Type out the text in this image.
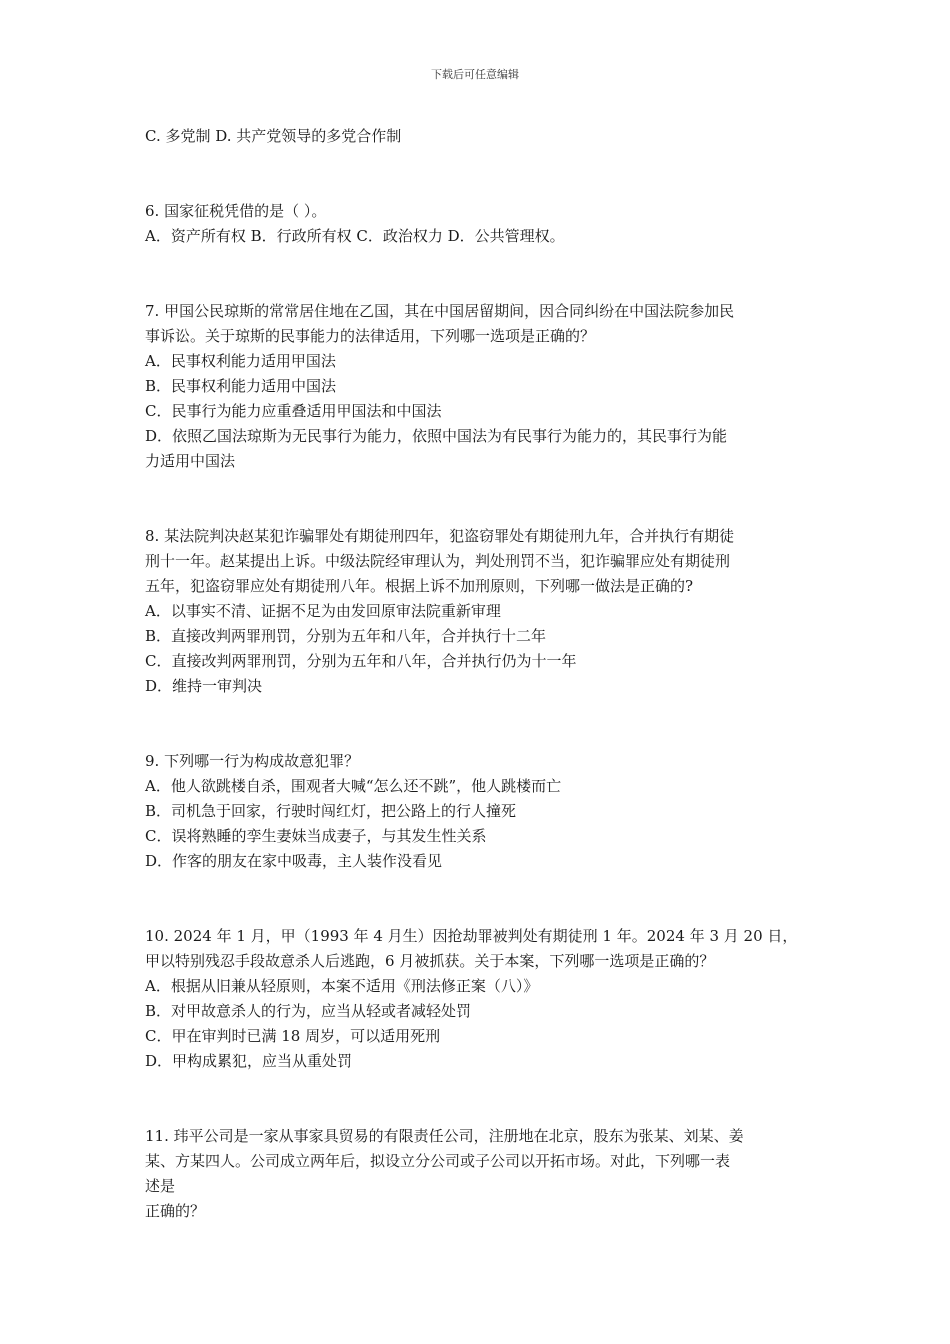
下载后可任意编辑
C. 多党制 D. 共产党领导的多党合作制
6. 国家征税凭借的是（ ）。
A．资产所有权 B．行政所有权 C．政治权力 D．公共管理权。
7. 甲国公民琼斯的常常居住地在乙国，其在中国居留期间，因合同纠纷在中国法院参加民
事诉讼。关于琼斯的民事能力的法律适用，下列哪一选项是正确的？
A．民事权利能力适用甲国法
B．民事权利能力适用中国法
C．民事行为能力应重叠适用甲国法和中国法
D．依照乙国法琼斯为无民事行为能力，依照中国法为有民事行为能力的，其民事行为能
力适用中国法
8. 某法院判决赵某犯诈骗罪处有期徒刑四年，犯盗窃罪处有期徒刑九年，合并执行有期徒
刑十一年。赵某提出上诉。中级法院经审理认为，判处刑罚不当，犯诈骗罪应处有期徒刑
五年，犯盗窃罪应处有期徒刑八年。根据上诉不加刑原则，下列哪一做法是正确的?
A．以事实不清、证据不足为由发回原审法院重新审理
B．直接改判两罪刑罚，分别为五年和八年，合并执行十二年
C．直接改判两罪刑罚，分别为五年和八年，合并执行仍为十一年
D．维持一审判决
9. 下列哪一行为构成故意犯罪？
A．他人欲跳楼自杀，围观者大喊“怎么还不跳”，他人跳楼而亡
B．司机急于回家，行驶时闯红灯，把公路上的行人撞死
C．误将熟睡的孪生妻妹当成妻子，与其发生性关系
D．作客的朋友在家中吸毒，主人装作没看见
10. 2024 年 1 月，甲（1993 年 4 月生）因抢劫罪被判处有期徒刑 1 年。2024 年 3 月 20 日，
甲以特别残忍手段故意杀人后逃跑，6 月被抓获。关于本案，下列哪一选项是正确的？
A．根据从旧兼从轻原则，本案不适用《刑法修正案（八）》
B．对甲故意杀人的行为，应当从轻或者减轻处罚
C．甲在审判时已满 18 周岁，可以适用死刑
D．甲构成累犯，应当从重处罚
11. 玮平公司是一家从事家具贸易的有限责任公司，注册地在北京，股东为张某、刘某、姜
某、方某四人。公司成立两年后，拟设立分公司或子公司以开拓市场。对此，下列哪一表
述是
正确的？
